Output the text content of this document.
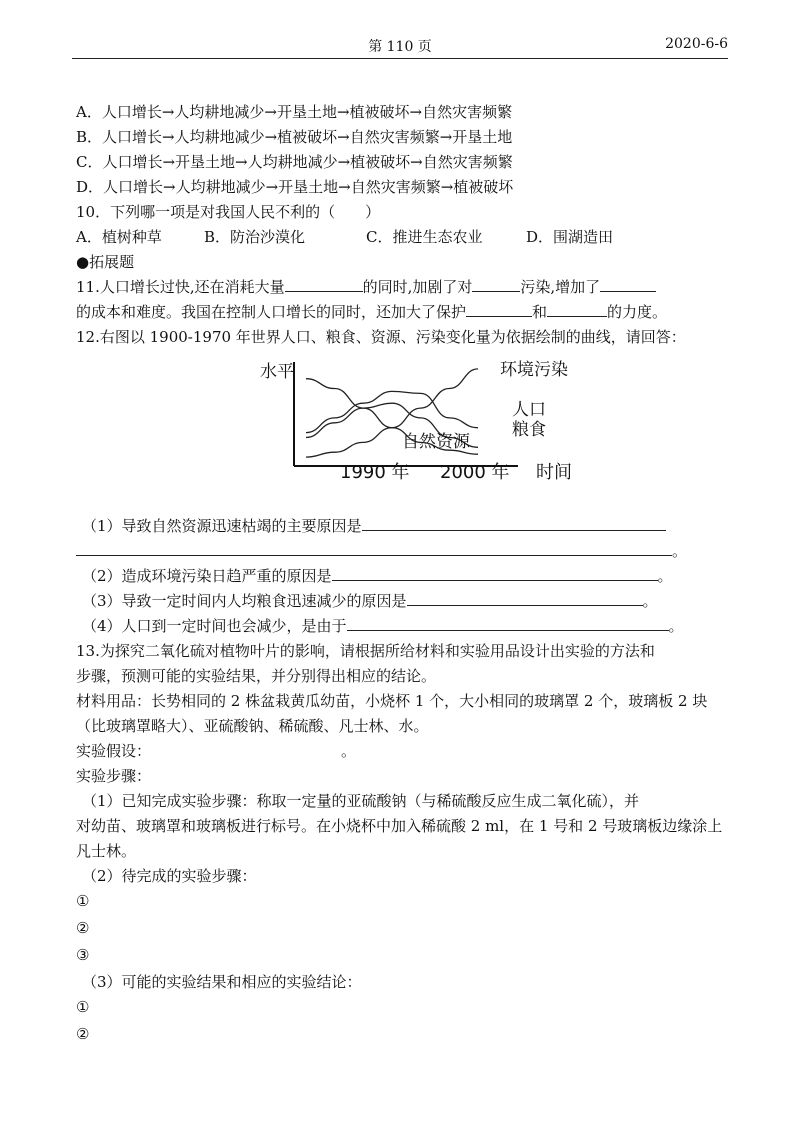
第 110 页	2020-6-6
A．人口增长→人均耕地减少→开垦土地→植被破坏→自然灾害频繁
B．人口增长→人均耕地减少→植被破坏→自然灾害频繁→开垦土地
C．人口增长→开垦土地→人均耕地减少→植被破坏→自然灾害频繁
D．人口增长→人均耕地减少→开垦土地→自然灾害频繁→植被破坏
10．下列哪一项是对我国人民不利的（　　）
A．植树种草	B．防治沙漠化	C．推进生态农业	D．围湖造田
●拓展题
11.人口增长过快,还在消耗大量	的同时,加剧了对	污染,增加了
的成本和难度。我国在控制人口增长的同时，还加大了保护	和	的力度。
12.右图以 1900-1970 年世界人口、粮食、资源、污染变化量为依据绘制的曲线，请回答：
水平
1990 年 2000 年 时间
环境污染
人口
粮食
自然资源
（1）导致自然资源迅速枯竭的主要原因是
。
（2）造成环境污染日趋严重的原因是	。
（3）导致一定时间内人均粮食迅速减少的原因是	。
（4）人口到一定时间也会减少，是由于	。
13.为探究二氧化硫对植物叶片的影响，请根据所给材料和实验用品设计出实验的方法和
步骤，预测可能的实验结果，并分别得出相应的结论。
材料用品：长势相同的 2 株盆栽黄瓜幼苗，小烧杯 1 个，大小相同的玻璃罩 2 个，玻璃板 2 块（比玻璃罩略大）、亚硫酸钠、稀硫酸、凡士林、水。
实验假设：	。
实验步骤：
（1）已知完成实验步骤：称取一定量的亚硫酸钠（与稀硫酸反应生成二氧化硫），并
对幼苗、玻璃罩和玻璃板进行标号。在小烧杯中加入稀硫酸 2 ml，在 1 号和 2 号玻璃板边缘涂上凡士林。
（2）待完成的实验步骤：
①
②
③
（3）可能的实验结果和相应的实验结论：
①
②
